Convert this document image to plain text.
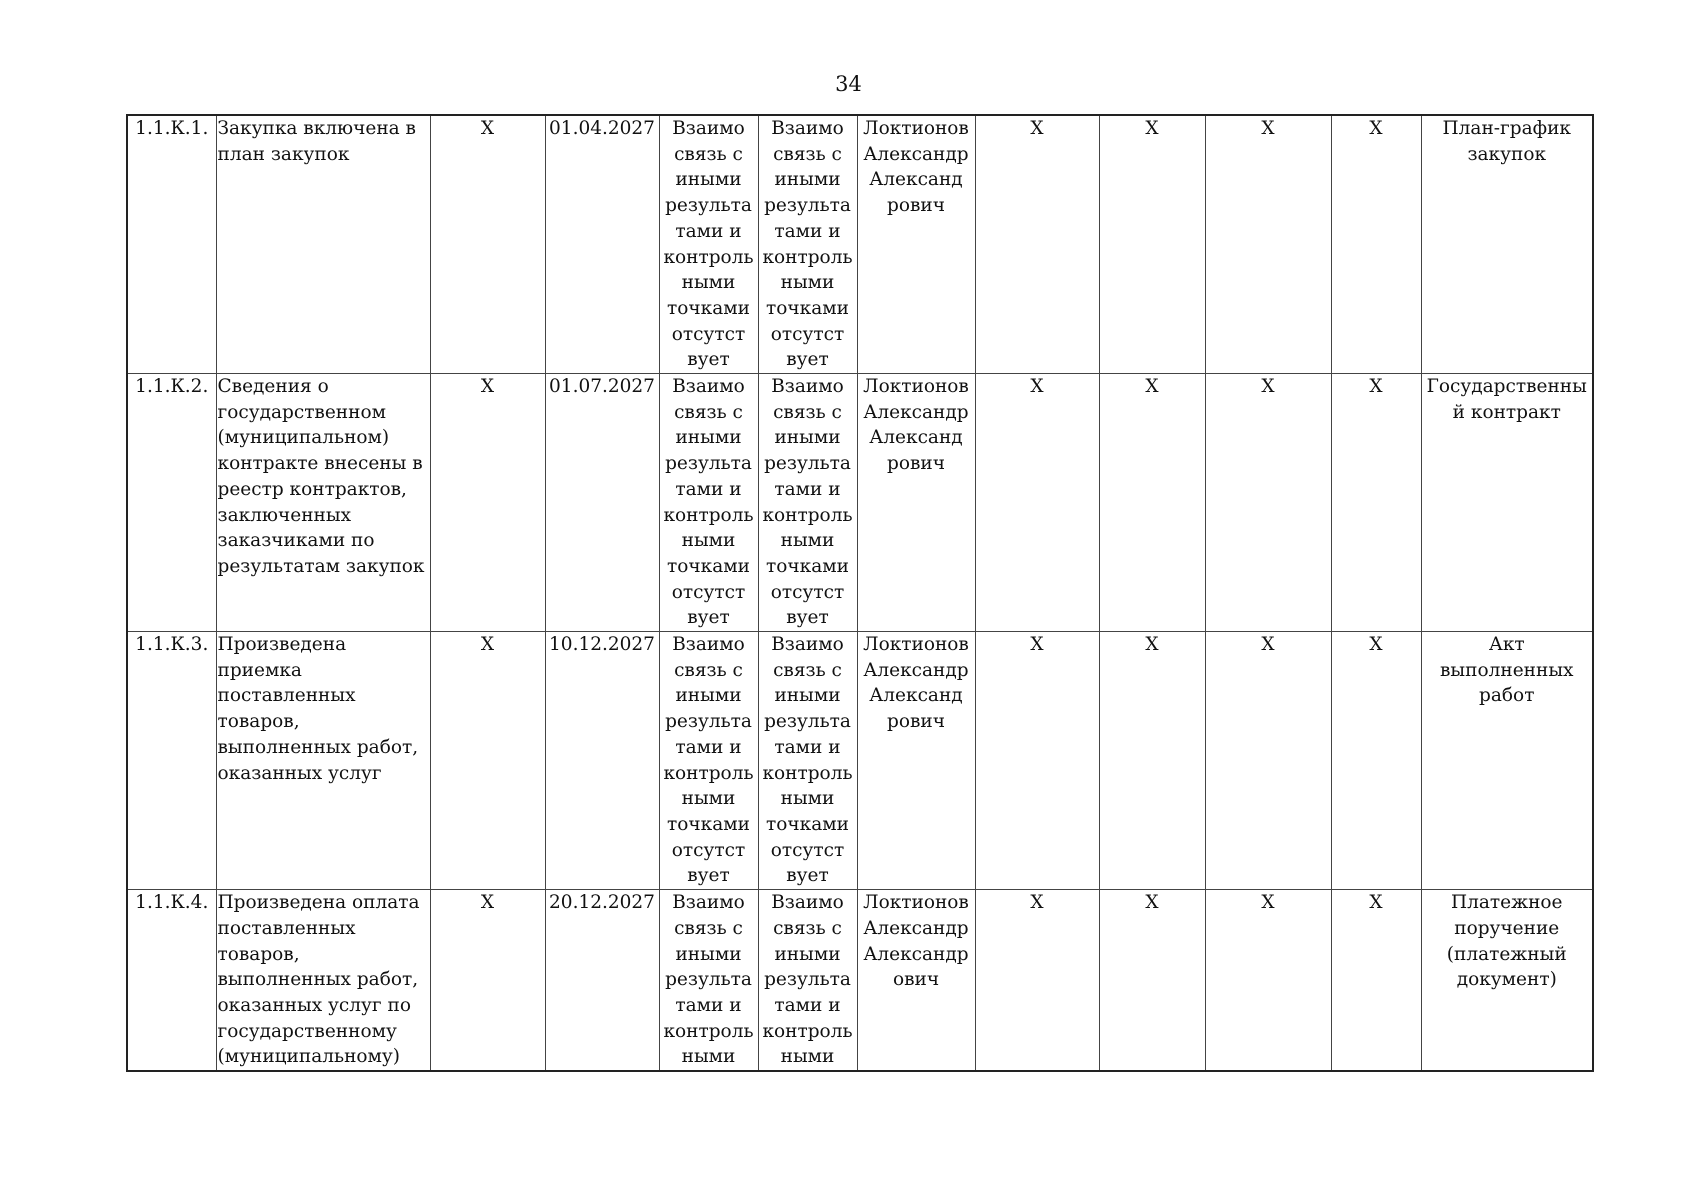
34
1.1.К.1.	Закупка включена в план закупок	Х	01.04.2027	Взаимо связь с иными результа тами и контроль ными точками отсутст вует	Взаимо связь с иными результа тами и контроль ными точками отсутст вует	Локтионов Александр Александ рович	Х	Х	Х	Х	План-график закупок
1.1.К.2.	Сведения о государственном (муниципальном) контракте внесены в реестр контрактов, заключенных заказчиками по результатам закупок	Х	01.07.2027	Взаимо связь с иными результа тами и контроль ными точками отсутст вует	Взаимо связь с иными результа тами и контроль ными точками отсутст вует	Локтионов Александр Александ рович	Х	Х	Х	Х	Государственный контракт
1.1.К.3.	Произведена приемка поставленных товаров, выполненных работ, оказанных услуг	Х	10.12.2027	Взаимо связь с иными результа тами и контроль ными точками отсутст вует	Взаимо связь с иными результа тами и контроль ными точками отсутст вует	Локтионов Александр Александ рович	Х	Х	Х	Х	Акт выполненных работ
1.1.К.4.	Произведена оплата поставленных товаров, выполненных работ, оказанных услуг по государственному (муниципальному)	Х	20.12.2027	Взаимо связь с иными результа тами и контроль ными	Взаимо связь с иными результа тами и контроль ными	Локтионов Александр Александр ович	Х	Х	Х	Х	Платежное поручение (платежный документ)
